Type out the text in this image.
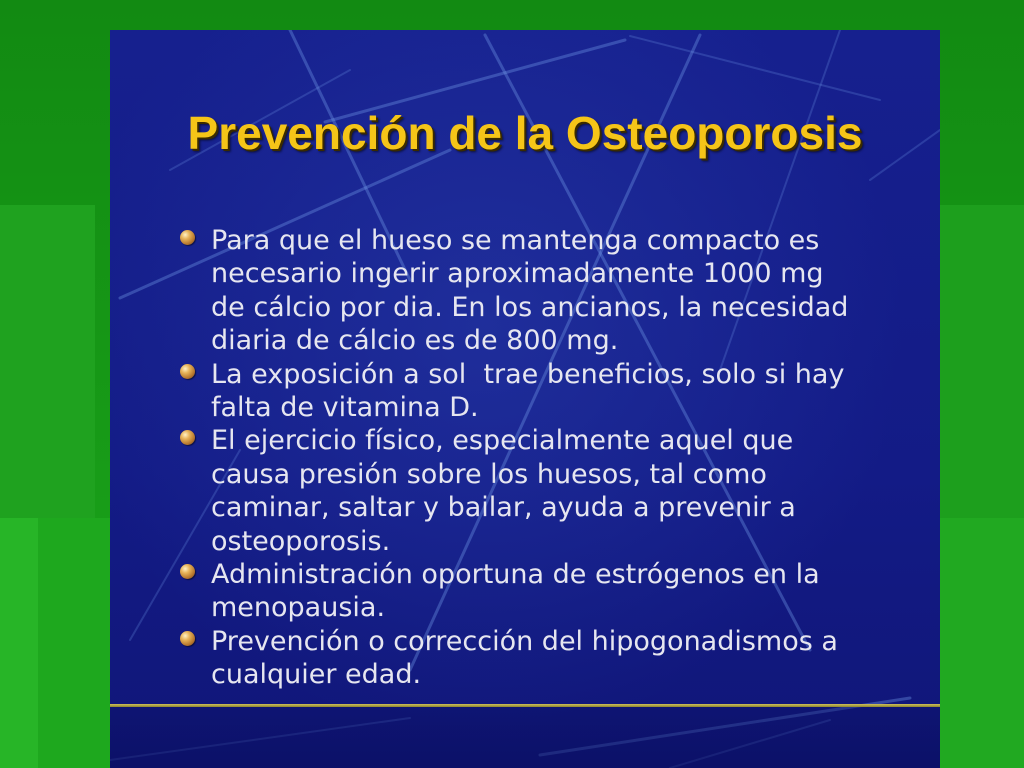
Prevención de la Osteoporosis
Para que el hueso se mantenga compacto es
necesario ingerir aproximadamente 1000 mg
de cálcio por dia. En los ancianos, la necesidad
diaria de cálcio es de 800 mg.
La exposición a sol  trae beneficios, solo si hay
falta de vitamina D.
El ejercicio físico, especialmente aquel que
causa presión sobre los huesos, tal como
caminar, saltar y bailar, ayuda a prevenir a
osteoporosis.
Administración oportuna de estrógenos en la
menopausia.
Prevención o corrección del hipogonadismos a
cualquier edad.
